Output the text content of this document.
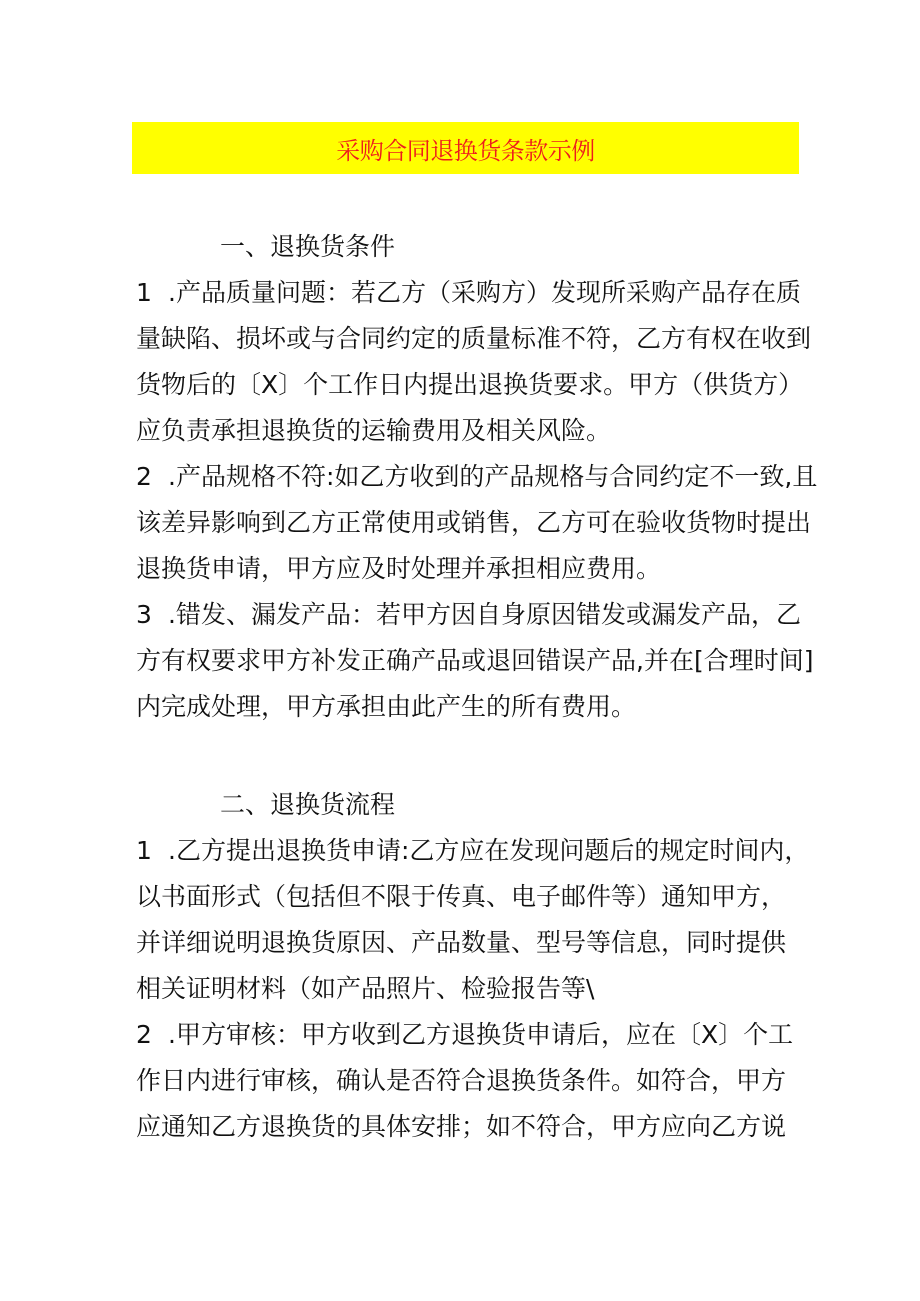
采购合同退换货条款示例
一、退换货条件
1 .产品质量问题：若乙方（采购方）发现所采购产品存在质
量缺陷、损坏或与合同约定的质量标准不符，乙方有权在收到
货物后的〔X〕个工作日内提出退换货要求。甲方（供货方）
应负责承担退换货的运输费用及相关风险。
2 .产品规格不符:如乙方收到的产品规格与合同约定不一致,且
该差异影响到乙方正常使用或销售，乙方可在验收货物时提出
退换货申请，甲方应及时处理并承担相应费用。
3 .错发、漏发产品：若甲方因自身原因错发或漏发产品，乙
方有权要求甲方补发正确产品或退回错误产品,并在[合理时间]
内完成处理，甲方承担由此产生的所有费用。
二、退换货流程
1 .乙方提出退换货申请:乙方应在发现问题后的规定时间内，
以书面形式（包括但不限于传真、电子邮件等）通知甲方，
并详细说明退换货原因、产品数量、型号等信息，同时提供
相关证明材料（如产品照片、检验报告等\
2 .甲方审核：甲方收到乙方退换货申请后，应在〔X〕个工
作日内进行审核，确认是否符合退换货条件。如符合，甲方
应通知乙方退换货的具体安排；如不符合，甲方应向乙方说
